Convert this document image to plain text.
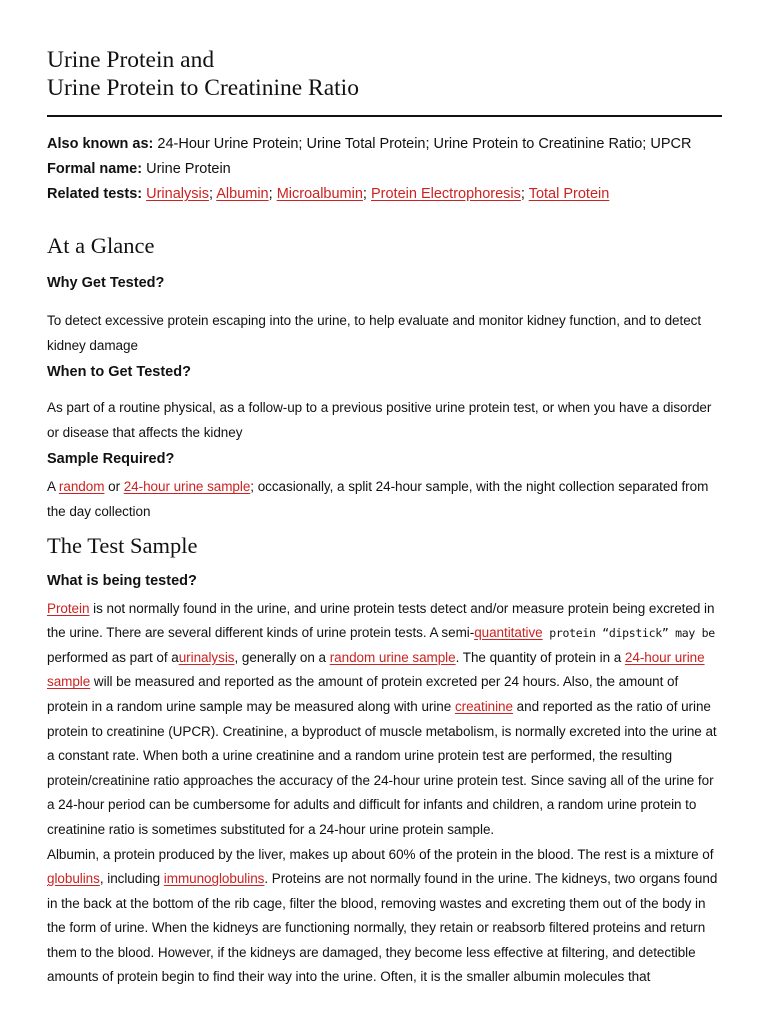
Urine Protein and
Urine Protein to Creatinine Ratio
Also known as: 24-Hour Urine Protein; Urine Total Protein; Urine Protein to Creatinine Ratio; UPCR
Formal name: Urine Protein
Related tests: Urinalysis; Albumin; Microalbumin; Protein Electrophoresis; Total Protein
At a Glance
Why Get Tested?

To detect excessive protein escaping into the urine, to help evaluate and monitor kidney function, and to detect kidney damage

When to Get Tested?

As part of a routine physical, as a follow-up to a previous positive urine protein test, or when you have a disorder or disease that affects the kidney

Sample Required?

A random or 24-hour urine sample; occasionally, a split 24-hour sample, with the night collection separated from the day collection

The Test Sample
What is being tested?

Protein is not normally found in the urine, and urine protein tests detect and/or measure protein being excreted in the urine. There are several different kinds of urine protein tests. A semi-quantitative protein “dipstick” may be performed as part of aurinalysis, generally on a random urine sample. The quantity of protein in a 24-hour urine sample will be measured and reported as the amount of protein excreted per 24 hours. Also, the amount of protein in a random urine sample may be measured along with urine creatinine and reported as the ratio of urine protein to creatinine (UPCR). Creatinine, a byproduct of muscle metabolism, is normally excreted into the urine at a constant rate. When both a urine creatinine and a random urine protein test are performed, the resulting protein/creatinine ratio approaches the accuracy of the 24-hour urine protein test. Since saving all of the urine for a 24-hour period can be cumbersome for adults and difficult for infants and children, a random urine protein to creatinine ratio is sometimes substituted for a 24-hour urine protein sample.

Albumin, a protein produced by the liver, makes up about 60% of the protein in the blood. The rest is a mixture of globulins, including immunoglobulins. Proteins are not normally found in the urine. The kidneys, two organs found in the back at the bottom of the rib cage, filter the blood, removing wastes and excreting them out of the body in the form of urine. When the kidneys are functioning normally, they retain or reabsorb filtered proteins and return them to the blood. However, if the kidneys are damaged, they become less effective at filtering, and detectible amounts of protein begin to find their way into the urine. Often, it is the smaller albumin molecules that
